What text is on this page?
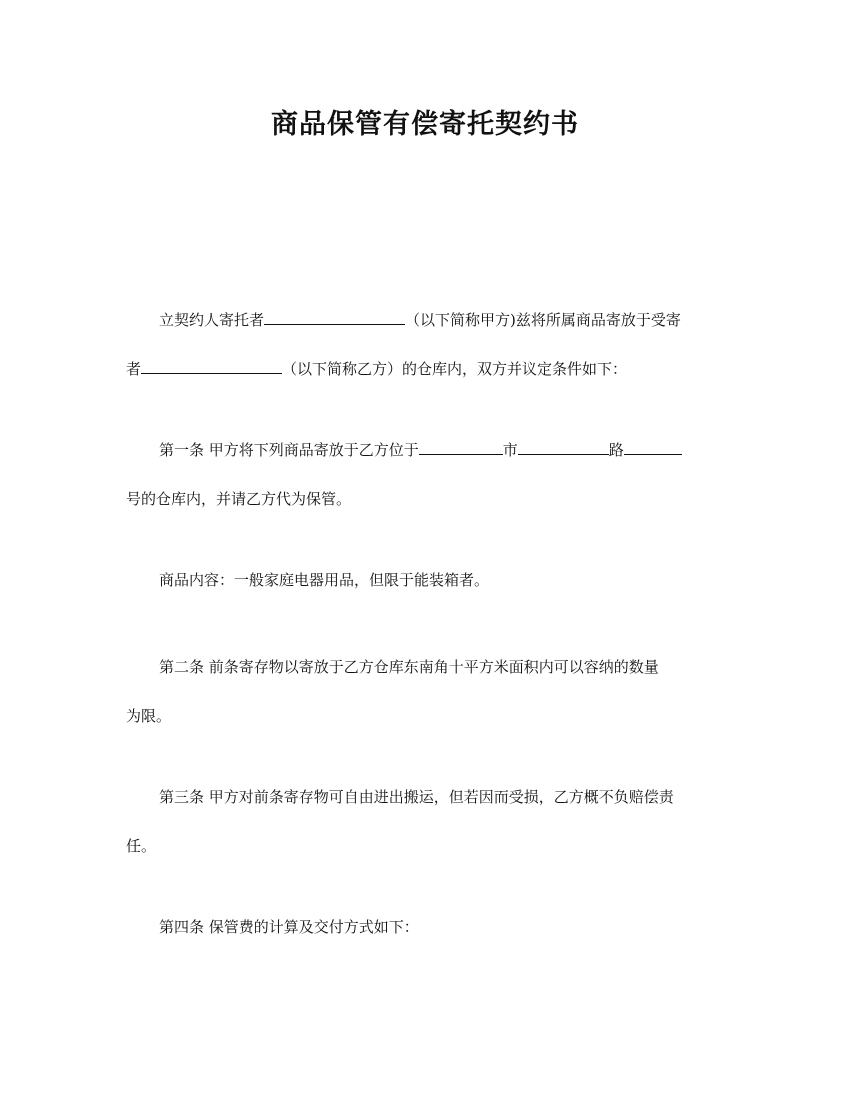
商品保管有偿寄托契约书
立契约人寄托者	（以下简称甲方)兹将所属商品寄放于受寄
者	（以下简称乙方）的仓库内，双方并议定条件如下：
第一条 甲方将下列商品寄放于乙方位于	市	路
号的仓库内，并请乙方代为保管。
商品内容：一般家庭电器用品，但限于能装箱者。
第二条 前条寄存物以寄放于乙方仓库东南角十平方米面积内可以容纳的数量
为限。
第三条 甲方对前条寄存物可自由进出搬运，但若因而受损，乙方概不负赔偿责
任。
第四条 保管费的计算及交付方式如下：
